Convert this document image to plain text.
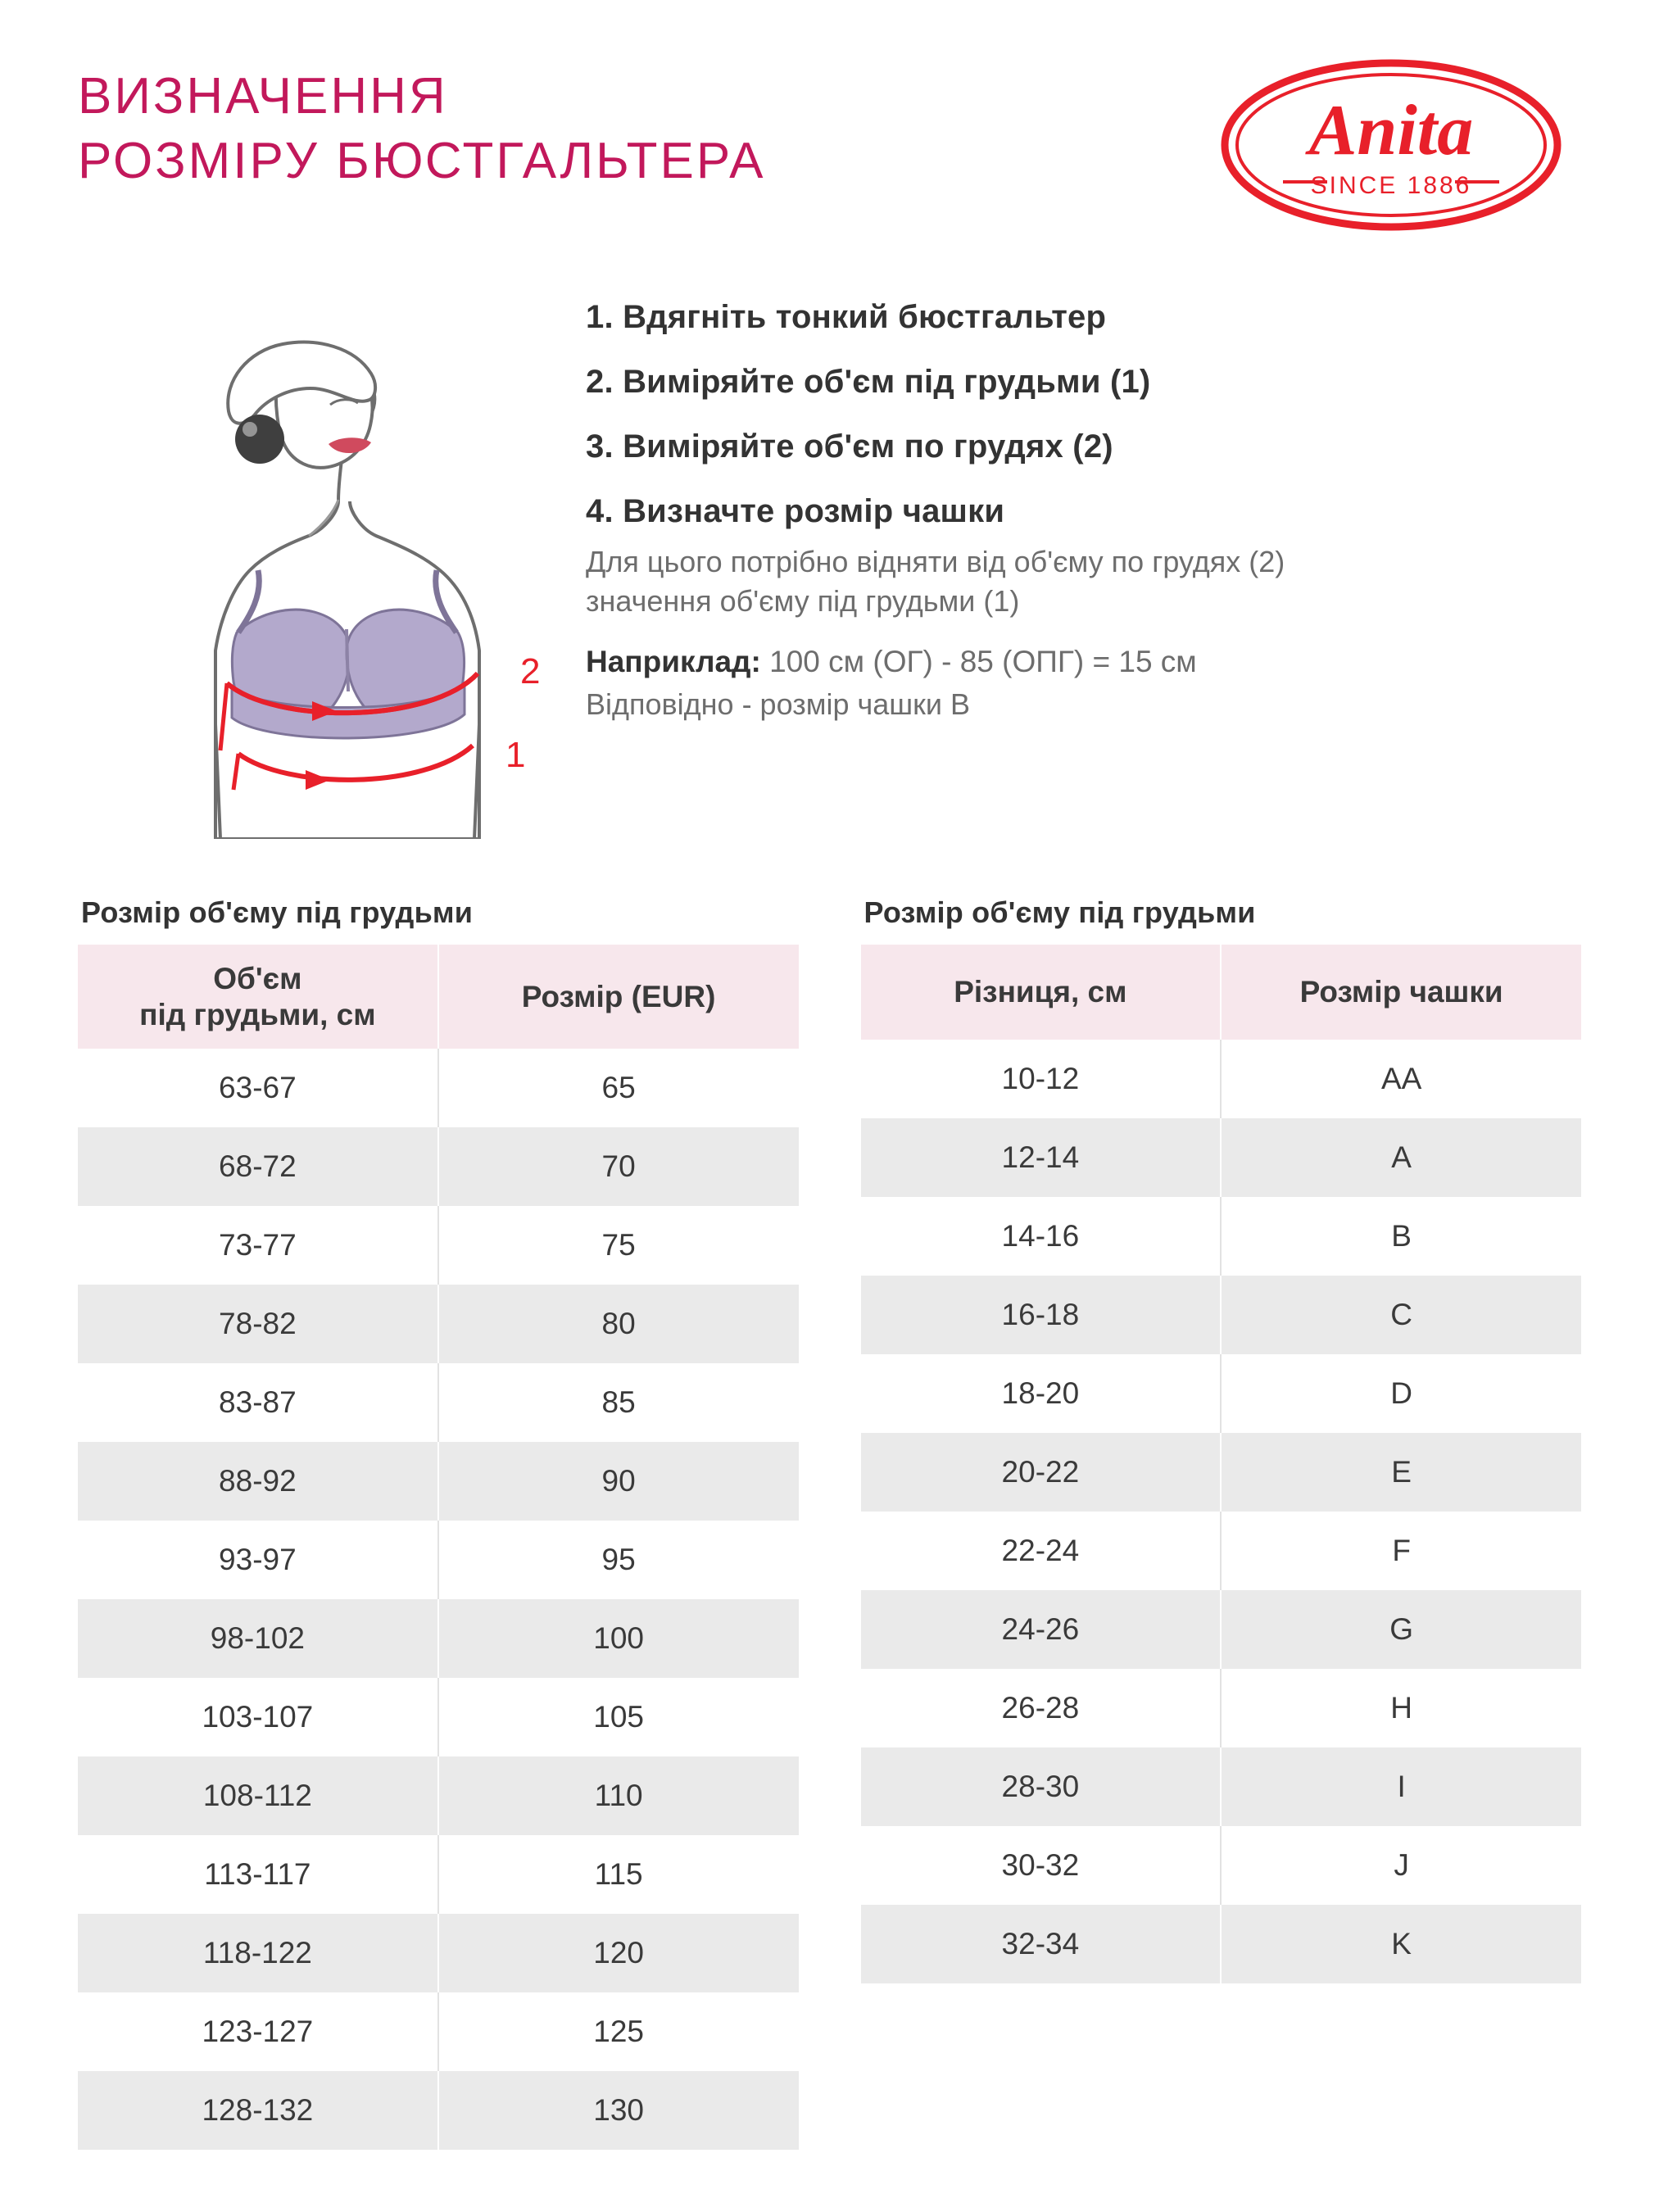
ВИЗНАЧЕННЯ
РОЗМІРУ БЮСТГАЛЬТЕРА	Anita
SINCE 1886
2
1

1. Вдягніть тонкий бюстгальтер

2. Виміряйте об'єм під грудьми (1)

3. Виміряйте об'єм по грудях (2)

4. Визначте розмір чашки

Для цього потрібно відняти від об'єму по грудях (2)
значення об'єму під грудьми (1)

Наприклад: 100 см (ОГ) - 85 (ОПГ) = 15 см

Відповідно - розмір чашки B

Розмір об'єму під грудьми
Об'єм
під грудьми, см	Розмір (EUR)
63-67	65
68-72	70
73-77	75
78-82	80
83-87	85
88-92	90
93-97	95
98-102	100
103-107	105
108-112	110
113-117	115
118-122	120
123-127	125
128-132	130
Розмір об'єму під грудьми
Різниця, см	Розмір чашки
10-12	AA
12-14	A
14-16	B
16-18	C
18-20	D
20-22	E
22-24	F
24-26	G
26-28	H
28-30	I
30-32	J
32-34	K
